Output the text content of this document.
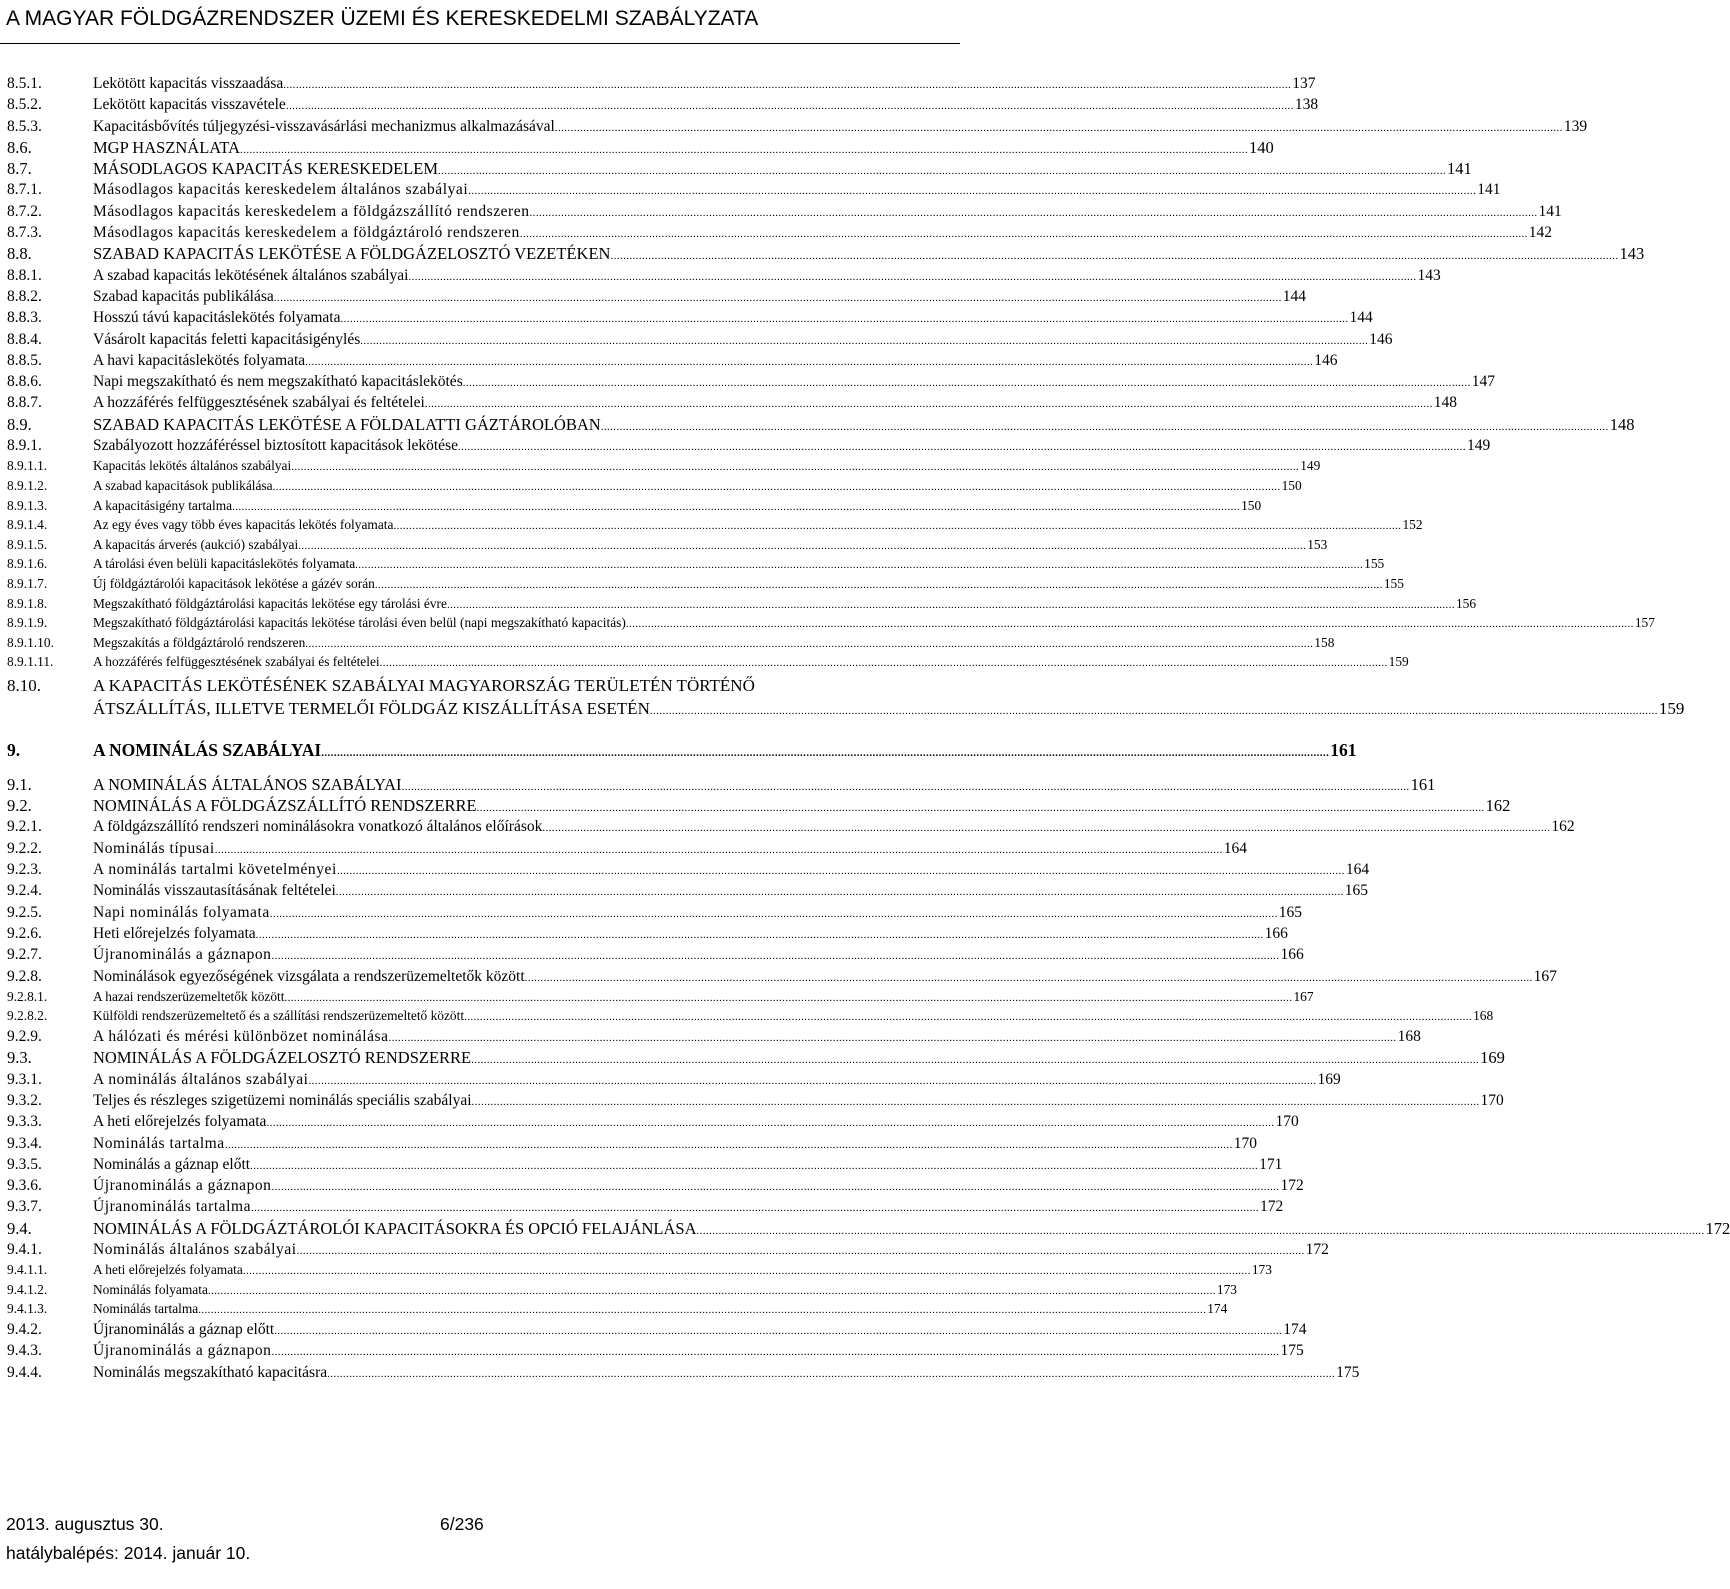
A MAGYAR FÖLDGÁZRENDSZER ÜZEMI ÉS KERESKEDELMI SZABÁLYZATA
8.5.1.	Lekötött kapacitás visszaadása .....	137
8.5.2.	Lekötött kapacitás visszavétele .....	138
8.5.3.	Kapacitásbővítés túljegyzési-visszavásárlási mechanizmus alkalmazásával .....	139
8.6.	MGP HASZNÁLATA .....	140
8.7.	MÁSODLAGOS KAPACITÁS KERESKEDELEM .....	141
8.7.1.	Másodlagos kapacitás kereskedelem általános szabályai .....	141
8.7.2.	Másodlagos kapacitás kereskedelem a földgázszállító rendszeren .....	141
8.7.3.	Másodlagos kapacitás kereskedelem a földgáztároló rendszeren .....	142
8.8.	SZABAD KAPACITÁS LEKÖTÉSE A FÖLDGÁZELOSZTÓ VEZETÉKEN .....	143
8.8.1.	A szabad kapacitás lekötésének általános szabályai .....	143
8.8.2.	Szabad kapacitás publikálása .....	144
8.8.3.	Hosszú távú kapacitáslekötés folyamata .....	144
8.8.4.	Vásárolt kapacitás feletti kapacitásigénylés .....	146
8.8.5.	A havi kapacitáslekötés folyamata .....	146
8.8.6.	Napi megszakítható és nem megszakítható kapacitáslekötés .....	147
8.8.7.	A hozzáférés felfüggesztésének szabályai és feltételei .....	148
8.9.	SZABAD KAPACITÁS LEKÖTÉSE A FÖLDALATTI GÁZTÁROLÓBAN .....	148
8.9.1.	Szabályozott hozzáféréssel biztosított kapacitások lekötése .....	149
8.9.1.1.	Kapacitás lekötés általános szabályai .....	149
8.9.1.2.	A szabad kapacitások publikálása .....	150
8.9.1.3.	A kapacitásigény tartalma .....	150
8.9.1.4.	Az egy éves vagy több éves kapacitás lekötés folyamata .....	152
8.9.1.5.	A kapacitás árverés (aukció) szabályai .....	153
8.9.1.6.	A tárolási éven belüli kapacitáslekötés folyamata .....	155
8.9.1.7.	Új földgáztárolói kapacitások lekötése a gázév során .....	155
8.9.1.8.	Megszakítható földgáztárolási kapacitás lekötése egy tárolási évre .....	156
8.9.1.9.	Megszakítható földgáztárolási kapacitás lekötése tárolási éven belül (napi megszakítható kapacitás) .....	157
8.9.1.10.	Megszakítás a földgáztároló rendszeren .....	158
8.9.1.11.	A hozzáférés felfüggesztésének szabályai és feltételei .....	159
8.10.	A KAPACITÁS LEKÖTÉSÉNEK SZABÁLYAI MAGYARORSZÁG TERÜLETÉN TÖRTÉNŐ
ÁTSZÁLLÍTÁS, ILLETVE TERMELŐI FÖLDGÁZ KISZÁLLÍTÁSA ESETÉN .....	159
9.	A NOMINÁLÁS SZABÁLYAI .....	161
9.1.	A NOMINÁLÁS ÁLTALÁNOS SZABÁLYAI .....	161
9.2.	NOMINÁLÁS A FÖLDGÁZSZÁLLÍTÓ RENDSZERRE .....	162
9.2.1.	A földgázszállító rendszeri nominálásokra vonatkozó általános előírások .....	162
9.2.2.	Nominálás típusai .....	164
9.2.3.	A nominálás tartalmi követelményei .....	164
9.2.4.	Nominálás visszautasításának feltételei .....	165
9.2.5.	Napi nominálás folyamata .....	165
9.2.6.	Heti előrejelzés folyamata .....	166
9.2.7.	Újranominálás a gáznapon .....	166
9.2.8.	Nominálások egyezőségének vizsgálata a rendszerüzemeltetők között .....	167
9.2.8.1.	A hazai rendszerüzemeltetők között .....	167
9.2.8.2.	Külföldi rendszerüzemeltető és a szállítási rendszerüzemeltető között .....	168
9.2.9.	A hálózati és mérési különbözet nominálása .....	168
9.3.	NOMINÁLÁS A FÖLDGÁZELOSZTÓ RENDSZERRE .....	169
9.3.1.	A nominálás általános szabályai .....	169
9.3.2.	Teljes és részleges szigetüzemi nominálás speciális szabályai .....	170
9.3.3.	A heti előrejelzés folyamata .....	170
9.3.4.	Nominálás tartalma .....	170
9.3.5.	Nominálás a gáznap előtt .....	171
9.3.6.	Újranominálás a gáznapon .....	172
9.3.7.	Újranominálás tartalma .....	172
9.4.	NOMINÁLÁS A FÖLDGÁZTÁROLÓI KAPACITÁSOKRA ÉS OPCIÓ FELAJÁNLÁSA .....	172
9.4.1.	Nominálás általános szabályai .....	172
9.4.1.1.	A heti előrejelzés folyamata .....	173
9.4.1.2.	Nominálás folyamata .....	173
9.4.1.3.	Nominálás tartalma .....	174
9.4.2.	Újranominálás a gáznap előtt .....	174
9.4.3.	Újranominálás a gáznapon .....	175
9.4.4.	Nominálás megszakítható kapacitásra .....	175
2013. augusztus 30.	6/236
hatálybalépés: 2014. január 10.
